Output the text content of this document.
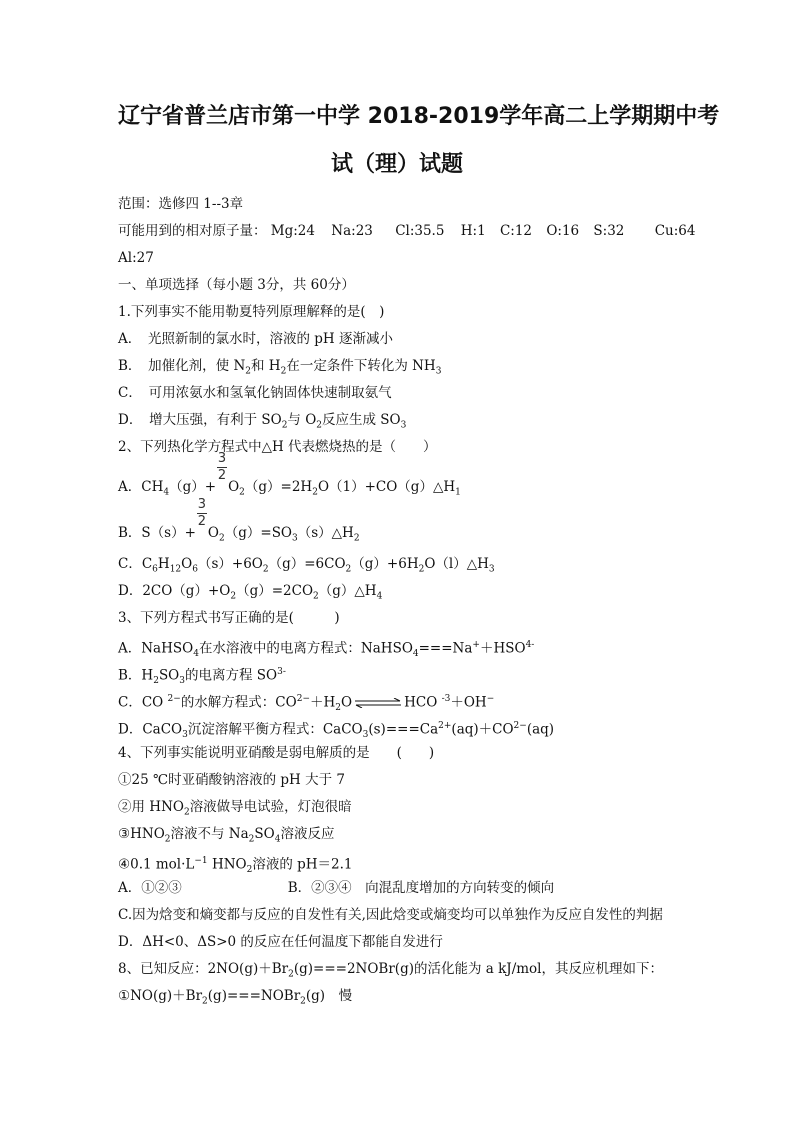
辽宁省普兰店市第一中学 2018-2019学年高二上学期期中考
试（理）试题
范围：选修四 1--3章
可能用到的相对原子量： Mg:24 Na:23 Cl:35.5 H:1 C:12 O:16 S:32 Cu:64
Al:27
一、单项选择（每小题 3分，共 60分）
1.下列事实不能用勒夏特列原理解释的是(　)
A．　光照新制的氯水时，溶液的 pH 逐渐减小
B．　加催化剂，使 $N_2$和 $H_2$在一定条件下转化为 $NH_3$
C．　可用浓氨水和氢氧化钠固体快速制取氨气
D．　增大压强，有利于 $SO_2$与 $O_2$反应生成 $SO_3$
2、下列热化学方程式中△H 代表燃烧热的是（　　）
A．$CH_4(g)+$
$\frac{3}{2}$
$O_2(g)=2H_2O(1)+CO(g)\triangle H_1$
B．S（s）+
$\frac{3}{2}$
$O_2(g)=SO_3(s)\triangle H_2$
C．$C_6H_{12}O_6(s)+6O_2(g)=6CO_2(g)+6H_2O(l)\triangle H_3$
D．$2CO(g)+O_2(g)=2CO_2(g)\triangle H_4$
3、下列方程式书写正确的是(　　　)
A．NaHSO$_4$在水溶液中的电离方程式：$NaHSO_4===Na^++HSO^{4-}$
B．$H_2SO_3$的电离方程 $SO^{3-}$
C．CO $^{2-}$的水解方程式：$CO^{2-}+H_2O$ ⇌ HCO $^{-3}$＋OH−
D．CaCO$_3$沉淀溶解平衡方程式：$CaCO_3(s)===Ca^{2+}(aq)+CO^{2-}(aq)$
4、下列事实能说明亚硝酸是弱电解质的是　　(　　)
①25 ℃时亚硝酸钠溶液的 pH 大于 7
②用 $HNO_2$溶液做导电试验，灯泡很暗
$③HNO_2$溶液不与 $Na_2SO_4$溶液反应
④0.1 $mol\cdot L^{-1}$ $HNO_2$溶液的 pH＝2.1
A．①②③	B．②③④　向混乱度增加的方向转变的倾向
C.因为焓变和熵变都与反应的自发性有关,因此焓变或熵变均可以单独作为反应自发性的判据
D．ΔH<0、ΔS>0 的反应在任何温度下都能自发进行
8、已知反应：$2NO(g)+Br_2(g)===2NOBr(g)$的活化能为 a kJ/mol，其反应机理如下：
$①NO(g)+Br_2(g)===NOBr_2(g)$　慢
